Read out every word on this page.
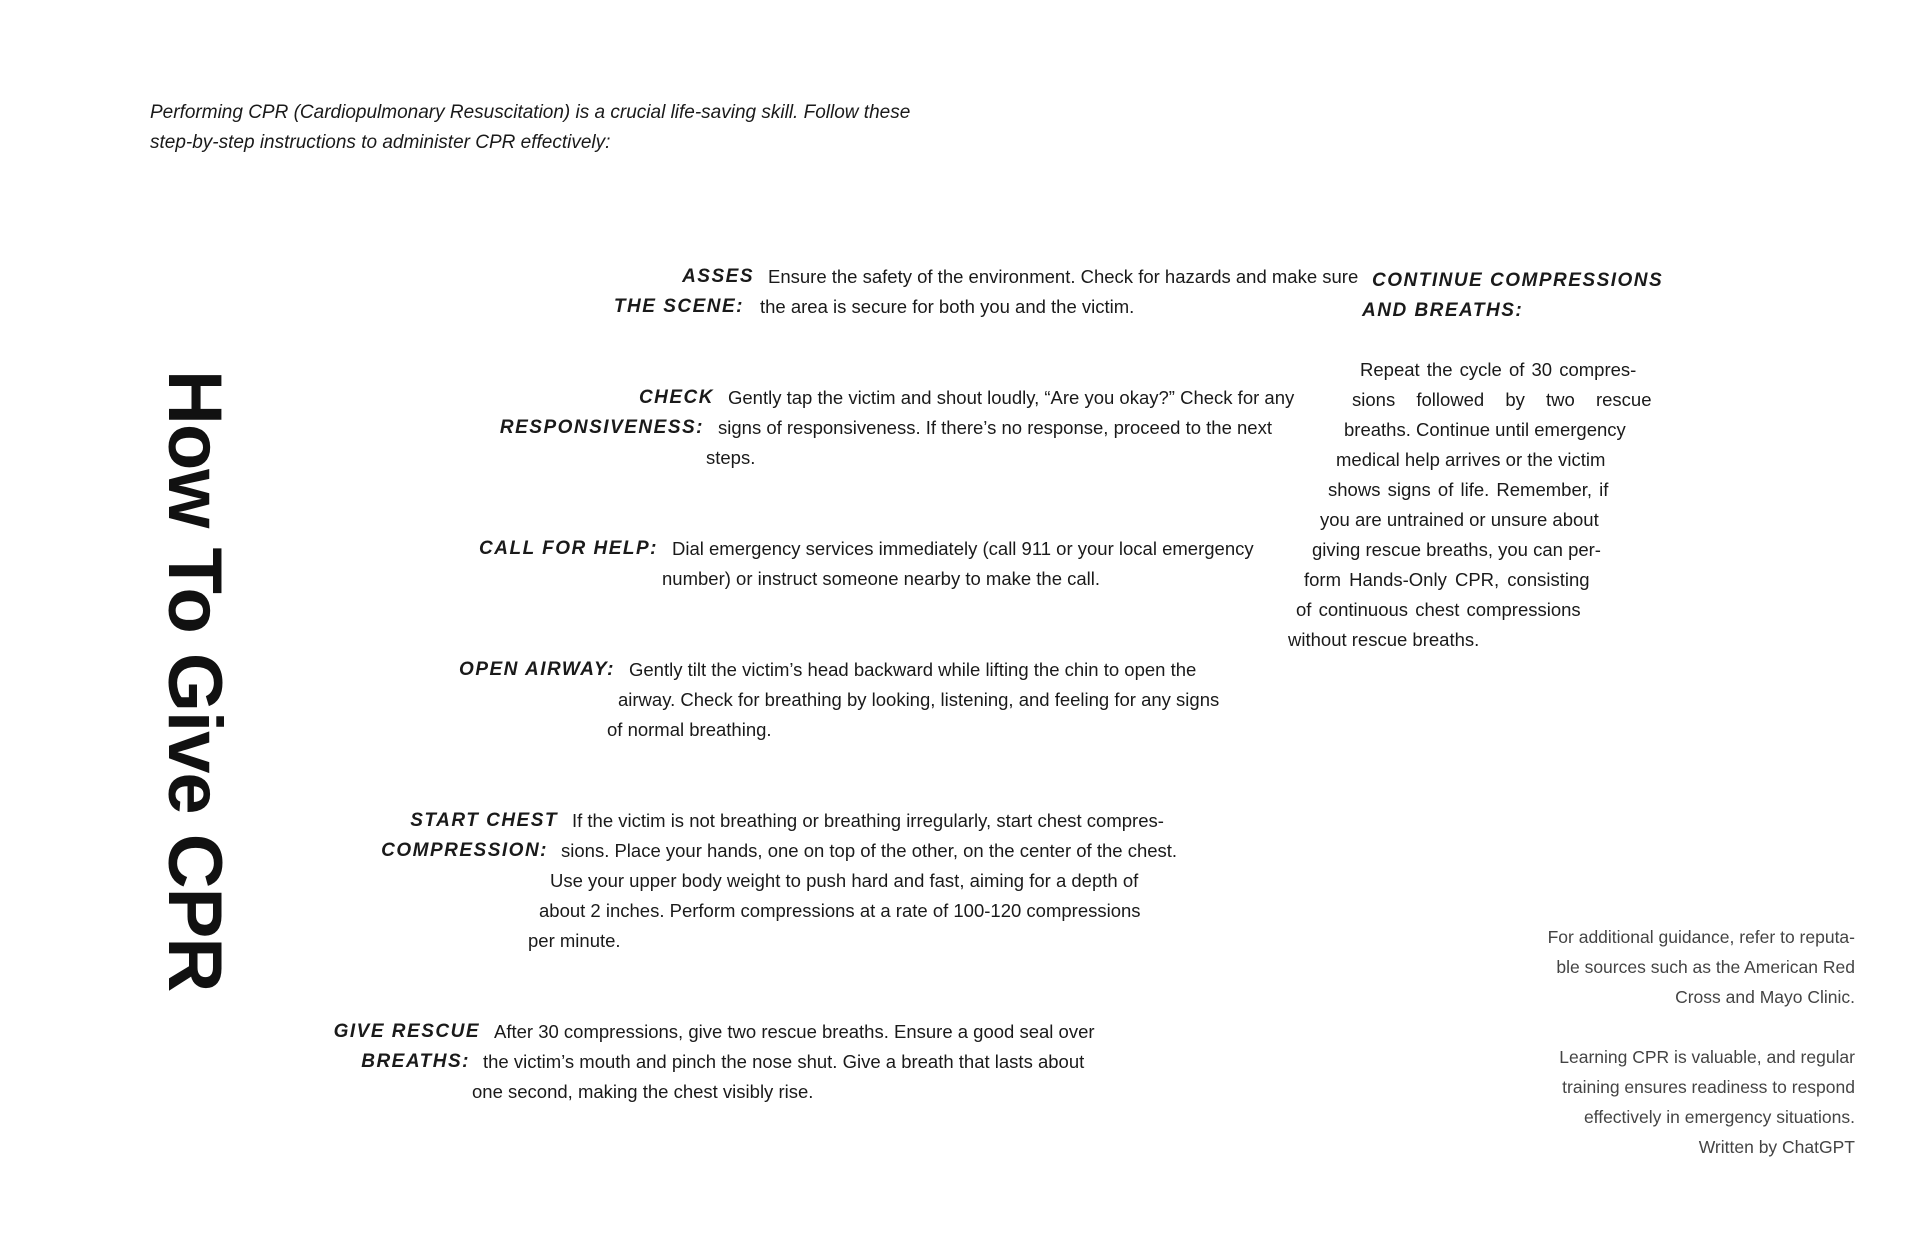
Performing CPR (Cardiopulmonary Resuscitation) is a crucial life-saving skill. Follow these
step-by-step instructions to administer CPR effectively:
How To Give CPR
ASSES
THE SCENE:
Ensure the safety of the environment. Check for hazards and make sure
the area is secure for both you and the victim.
CHECK
RESPONSIVENESS:
Gently tap the victim and shout loudly, “Are you okay?” Check for any
signs of responsiveness. If there’s no response, proceed to the next
steps.
CALL FOR HELP: Dial emergency services immediately (call 911 or your local emergency
number) or instruct someone nearby to make the call.
OPEN AIRWAY: Gently tilt the victim’s head backward while lifting the chin to open the
airway. Check for breathing by looking, listening, and feeling for any signs
of normal breathing.
START CHEST
COMPRESSION:
If the victim is not breathing or breathing irregularly, start chest compres-
sions. Place your hands, one on top of the other, on the center of the chest.
Use your upper body weight to push hard and fast, aiming for a depth of
about 2 inches. Perform compressions at a rate of 100-120 compressions
per minute.
GIVE RESCUE
BREATHS:
After 30 compressions, give two rescue breaths. Ensure a good seal over
the victim’s mouth and pinch the nose shut. Give a breath that lasts about
one second, making the chest visibly rise.
CONTINUE COMPRESSIONS
AND BREATHS:
Repeat the cycle of 30 compres-
sions followed by two rescue
breaths. Continue until emergency
medical help arrives or the victim
shows signs of life. Remember, if
you are untrained or unsure about
giving rescue breaths, you can per-
form Hands-Only CPR, consisting
of continuous chest compressions
without rescue breaths.
For additional guidance, refer to reputa-
ble sources such as the American Red
Cross and Mayo Clinic.
Learning CPR is valuable, and regular
training ensures readiness to respond
effectively in emergency situations.
Written by ChatGPT
